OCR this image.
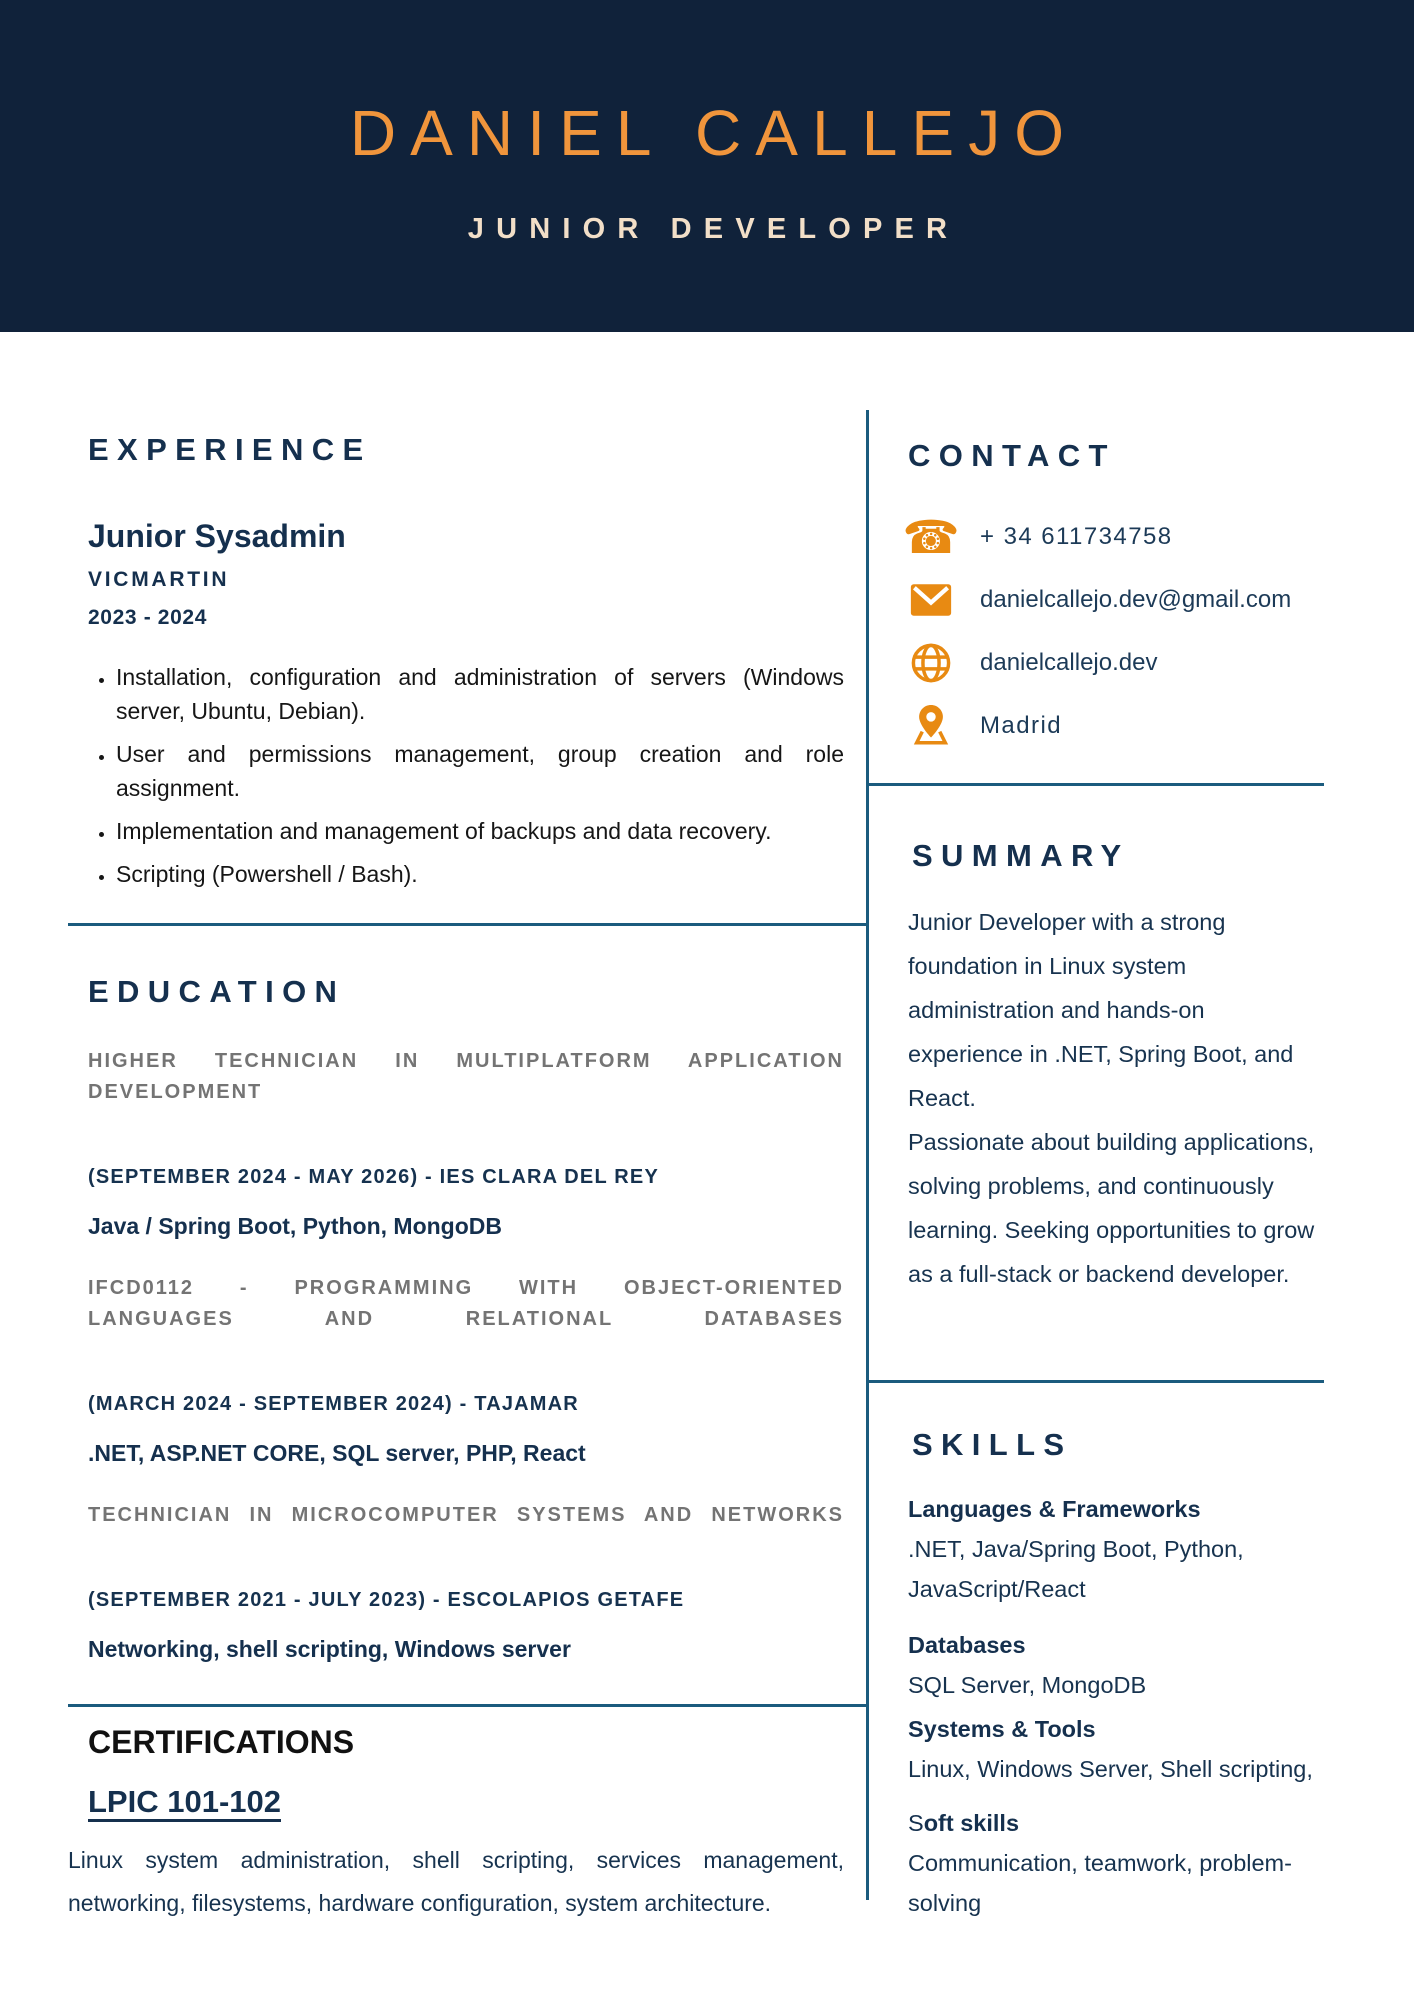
DANIEL CALLEJO
JUNIOR DEVELOPER
EXPERIENCE
Junior Sysadmin
VICMARTIN
2023 - 2024
• Installation, configuration and administration of servers (Windows server, Ubuntu, Debian).
• User and permissions management, group creation and role assignment.
• Implementation and management of backups and data recovery.
• Scripting (Powershell / Bash).
EDUCATION
HIGHER TECHNICIAN IN MULTIPLATFORM APPLICATION DEVELOPMENT
(SEPTEMBER 2024 - MAY 2026) - IES CLARA DEL REY
Java / Spring Boot, Python, MongoDB
IFCD0112 - PROGRAMMING WITH OBJECT-ORIENTED LANGUAGES AND RELATIONAL DATABASES
(MARCH 2024 - SEPTEMBER 2024) - TAJAMAR
.NET, ASP.NET CORE, SQL server, PHP, React
TECHNICIAN IN MICROCOMPUTER SYSTEMS AND NETWORKS
(SEPTEMBER 2021 - JULY 2023) - ESCOLAPIOS GETAFE
Networking, shell scripting, Windows server
CERTIFICATIONS
LPIC 101-102
Linux system administration, shell scripting, services management, networking, filesystems, hardware configuration, system architecture.
CONTACT
☎ + 34 611734758
danielcallejo.dev@gmail.com
danielcallejo.dev
Madrid
SUMMARY

Junior Developer with a strong foundation in Linux system administration and hands-on experience in .NET, Spring Boot, and React.

Passionate about building applications, solving problems, and continuously learning. Seeking opportunities to grow as a full-stack or backend developer.

SKILLS
Languages & Frameworks
.NET, Java/Spring Boot, Python, JavaScript/React
Databases
SQL Server, MongoDB
Systems & Tools
Linux, Windows Server, Shell scripting,
Soft skills
Communication, teamwork, problem-solving
